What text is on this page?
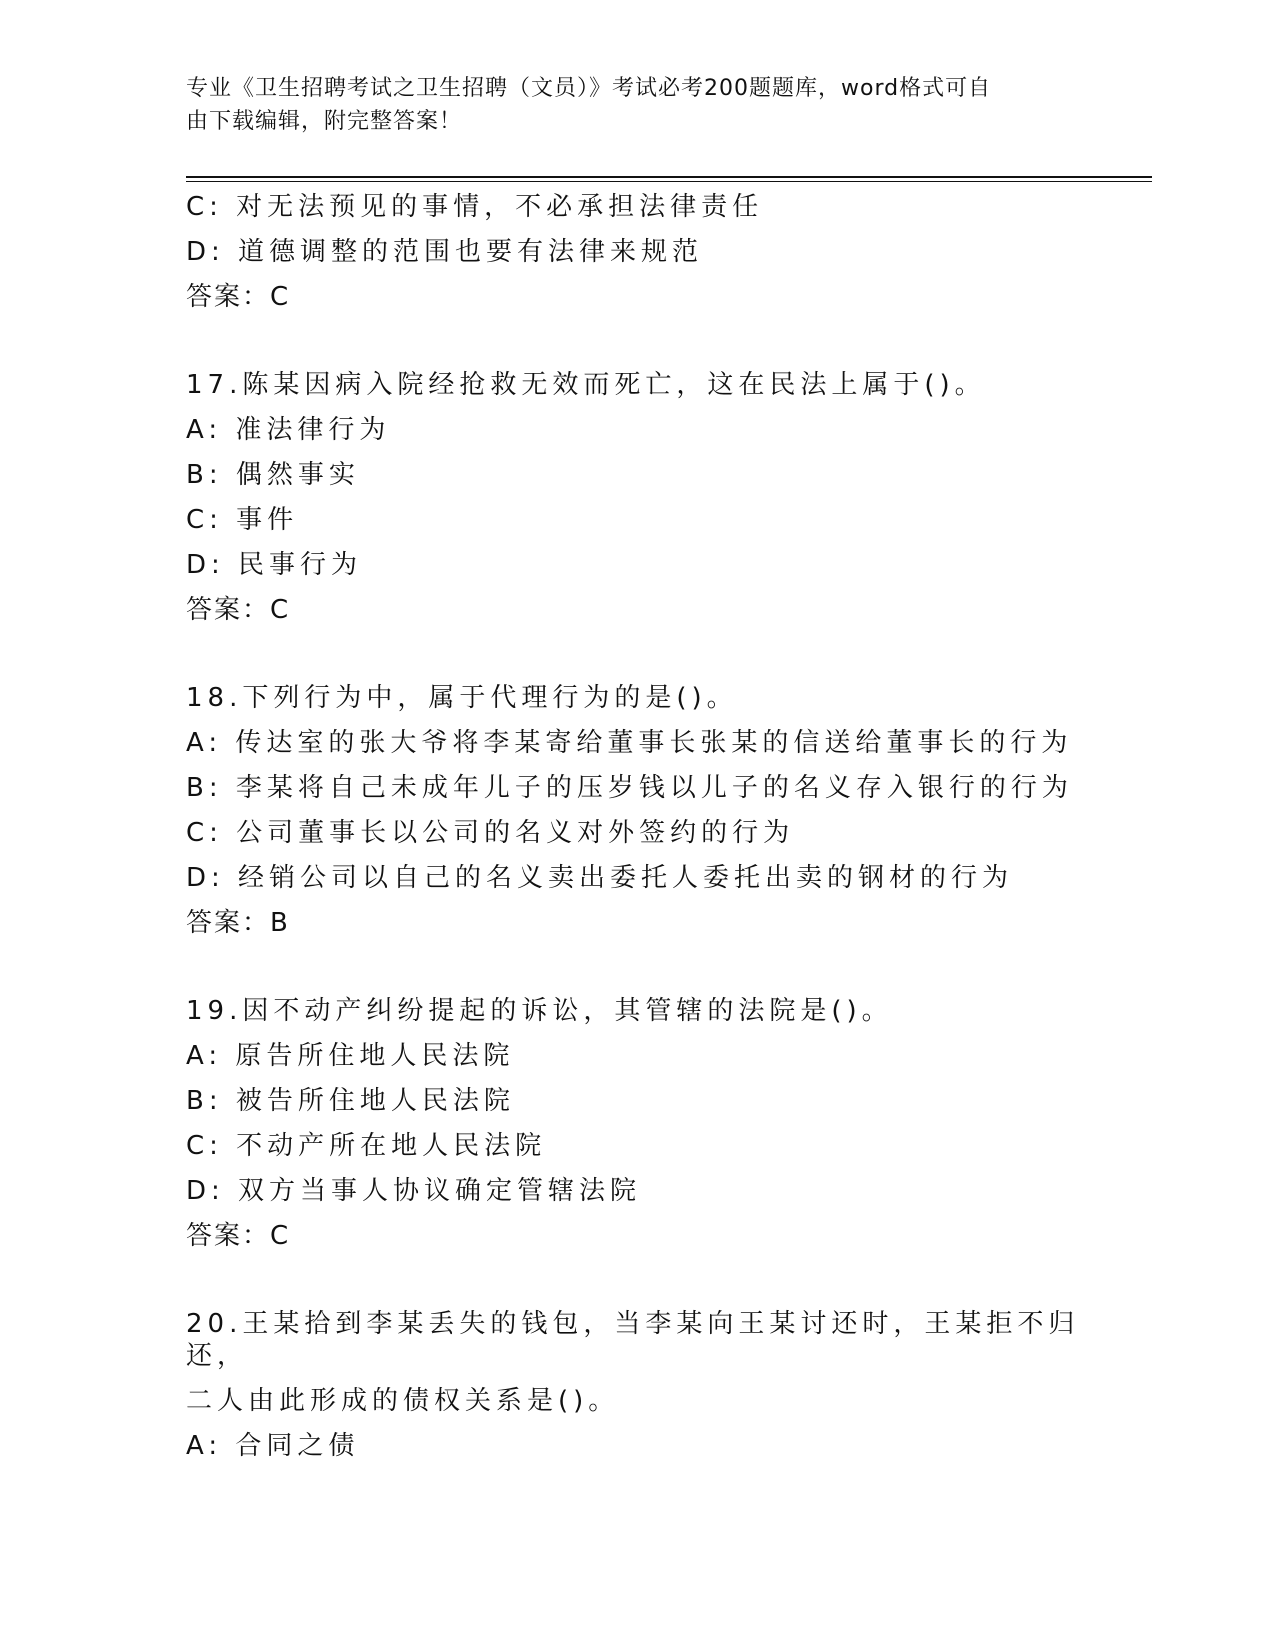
专业《卫生招聘考试之卫生招聘（文员）》考试必考200题题库，word格式可自
由下载编辑，附完整答案！
C: 对无法预见的事情，不必承担法律责任
D: 道德调整的范围也要有法律来规范
答案：C
17.陈某因病入院经抢救无效而死亡，这在民法上属于()。
A: 准法律行为
B: 偶然事实
C: 事件
D: 民事行为
答案：C
18.下列行为中，属于代理行为的是()。
A: 传达室的张大爷将李某寄给董事长张某的信送给董事长的行为
B: 李某将自己未成年儿子的压岁钱以儿子的名义存入银行的行为
C: 公司董事长以公司的名义对外签约的行为
D: 经销公司以自己的名义卖出委托人委托出卖的钢材的行为
答案：B
19.因不动产纠纷提起的诉讼，其管辖的法院是()。
A: 原告所住地人民法院
B: 被告所住地人民法院
C: 不动产所在地人民法院
D: 双方当事人协议确定管辖法院
答案：C
20.王某拾到李某丢失的钱包，当李某向王某讨还时，王某拒不归还，
二人由此形成的债权关系是()。
A: 合同之债
